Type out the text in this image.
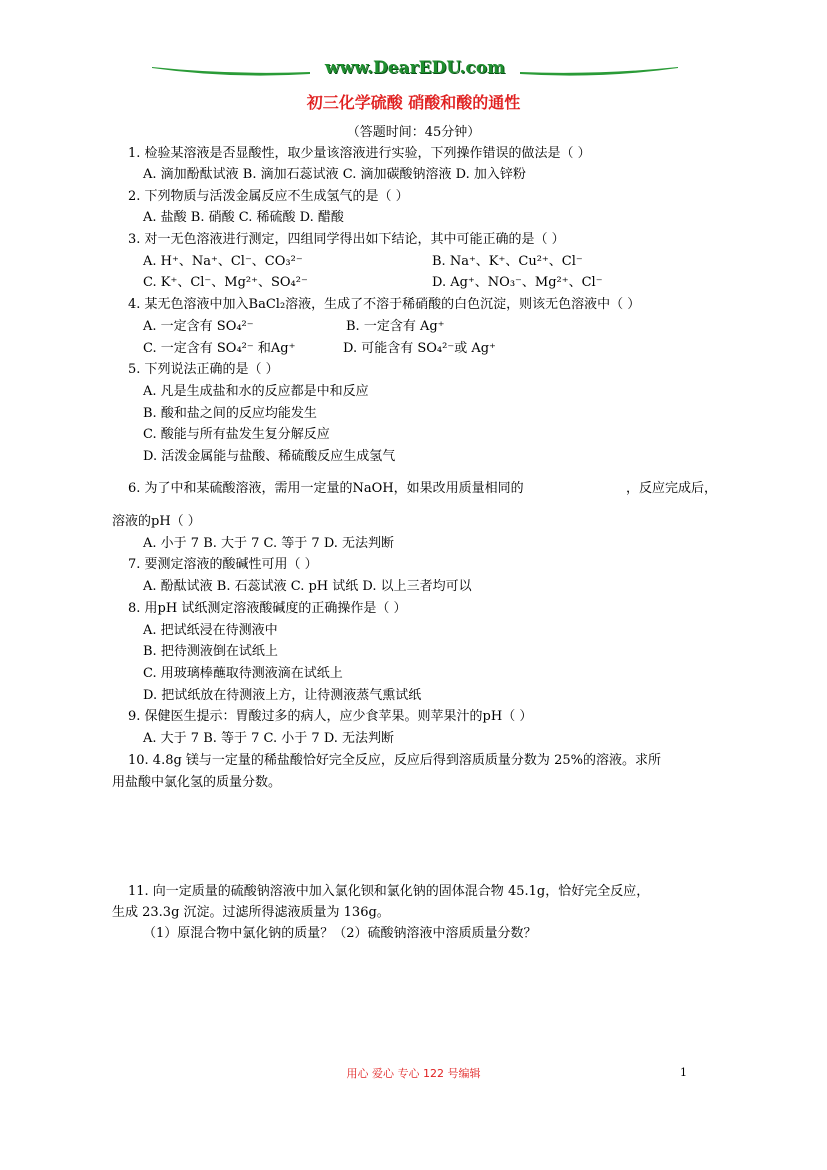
www.DearEDU.com
初三化学硫酸 硝酸和酸的通性
（答题时间：45分钟）
1. 检验某溶液是否显酸性，取少量该溶液进行实验，下列操作错误的做法是（ ）
A. 滴加酚酞试液 B. 滴加石蕊试液 C. 滴加碳酸钠溶液 D. 加入锌粉
2. 下列物质与活泼金属反应不生成氢气的是（ ）
A. 盐酸 B. 硝酸 C. 稀硫酸 D. 醋酸
3. 对一无色溶液进行测定，四组同学得出如下结论，其中可能正确的是（ ）
A. H⁺、Na⁺、Cl⁻、CO₃²⁻	B. Na⁺、K⁺、Cu²⁺、Cl⁻
C. K⁺、Cl⁻、Mg²⁺、SO₄²⁻	D. Ag⁺、NO₃⁻、Mg²⁺、Cl⁻
4. 某无色溶液中加入BaCl₂溶液，生成了不溶于稀硝酸的白色沉淀，则该无色溶液中（ ）
A. 一定含有 SO₄²⁻	B. 一定含有 Ag⁺
C. 一定含有 SO₄²⁻ 和Ag⁺	D. 可能含有 SO₄²⁻或 Ag⁺
5. 下列说法正确的是（ ）
A. 凡是生成盐和水的反应都是中和反应
B. 酸和盐之间的反应均能发生
C. 酸能与所有盐发生复分解反应
D. 活泼金属能与盐酸、稀硫酸反应生成氢气
6. 为了中和某硫酸溶液，需用一定量的NaOH，如果改用质量相同的	，反应完成后，
溶液的pH（ ）
A. 小于 7 B. 大于 7 C. 等于 7 D. 无法判断
7. 要测定溶液的酸碱性可用（ ）
A. 酚酞试液 B. 石蕊试液 C. pH 试纸 D. 以上三者均可以
8. 用pH 试纸测定溶液酸碱度的正确操作是（ ）
A. 把试纸浸在待测液中
B. 把待测液倒在试纸上
C. 用玻璃棒蘸取待测液滴在试纸上
D. 把试纸放在待测液上方，让待测液蒸气熏试纸
9. 保健医生提示：胃酸过多的病人，应少食苹果。则苹果汁的pH（ ）
A. 大于 7 B. 等于 7 C. 小于 7 D. 无法判断
10. 4.8g 镁与一定量的稀盐酸恰好完全反应，反应后得到溶质质量分数为 25%的溶液。求所
用盐酸中氯化氢的质量分数。
11. 向一定质量的硫酸钠溶液中加入氯化钡和氯化钠的固体混合物 45.1g，恰好完全反应，
生成 23.3g 沉淀。过滤所得滤液质量为 136g。
（1）原混合物中氯化钠的质量？（2）硫酸钠溶液中溶质质量分数？
用心 爱心 专心 122 号编辑	1
